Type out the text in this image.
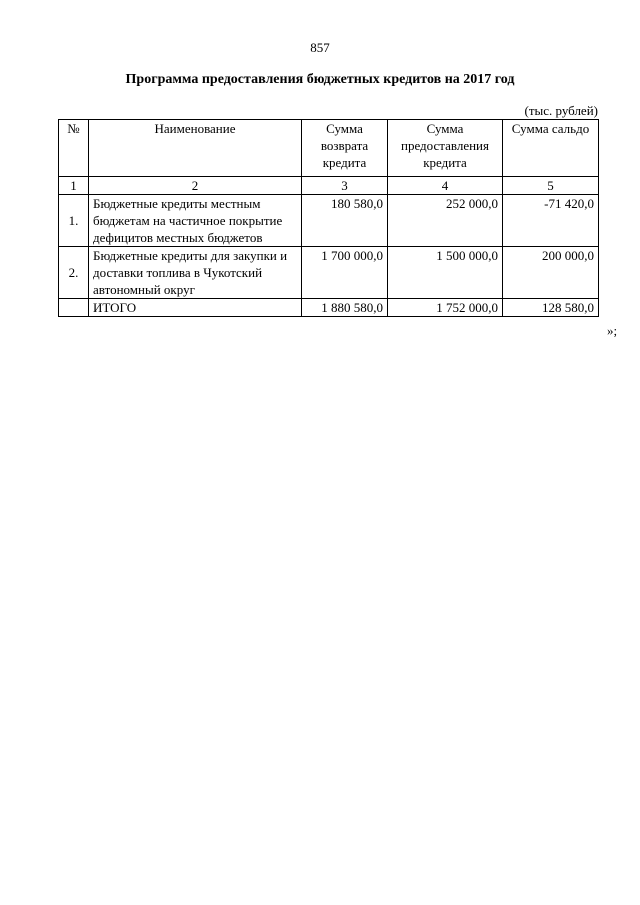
857
Программа предоставления бюджетных кредитов на 2017 год
(тыс. рублей)
№	Наименование	Сумма возврата кредита	Сумма предоставления кредита	Сумма сальдо
1	2	3	4	5
1.	Бюджетные кредиты местным бюджетам на частичное покрытие дефицитов местных бюджетов	180 580,0	252 000,0	-71 420,0
2.	Бюджетные кредиты для закупки и доставки топлива в Чукотский автономный округ	1 700 000,0	1 500 000,0	200 000,0
	ИТОГО	1 880 580,0	1 752 000,0	128 580,0
»;
